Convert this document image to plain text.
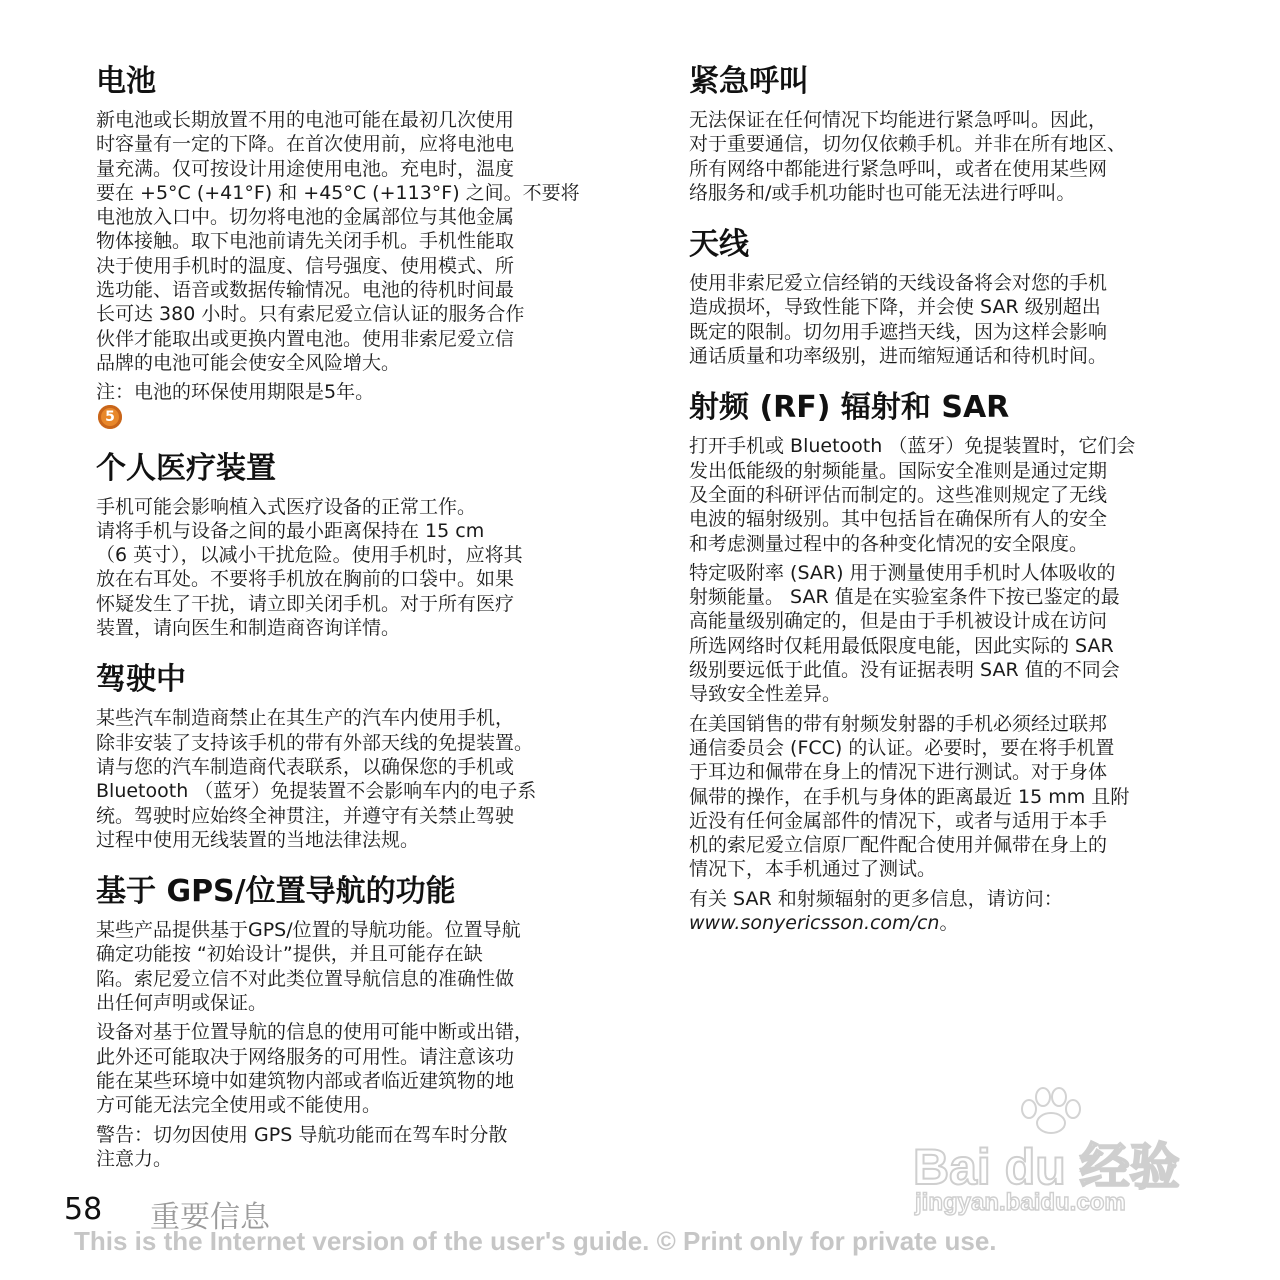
电池
新电池或长期放置不用的电池可能在最初几次使用
时容量有一定的下降。在首次使用前，应将电池电
量充满。仅可按设计用途使用电池。充电时，温度
要在 +5°C (+41°F) 和 +45°C (+113°F) 之间。不要将
电池放入口中。切勿将电池的金属部位与其他金属
物体接触。取下电池前请先关闭手机。手机性能取
决于使用手机时的温度、信号强度、使用模式、所
选功能、语音或数据传输情况。电池的待机时间最
长可达 380 小时。只有索尼爱立信认证的服务合作
伙伴才能取出或更换内置电池。使用非索尼爱立信
品牌的电池可能会使安全风险增大。
注：电池的环保使用期限是5年。
5
个人医疗装置
手机可能会影响植入式医疗设备的正常工作。
请将手机与设备之间的最小距离保持在 15 cm
（6 英寸），以减小干扰危险。使用手机时，应将其
放在右耳处。不要将手机放在胸前的口袋中。如果
怀疑发生了干扰，请立即关闭手机。对于所有医疗
装置，请向医生和制造商咨询详情。
驾驶中
某些汽车制造商禁止在其生产的汽车内使用手机，
除非安装了支持该手机的带有外部天线的免提装置。
请与您的汽车制造商代表联系，以确保您的手机或
Bluetooth （蓝牙）免提装置不会影响车内的电子系
统。驾驶时应始终全神贯注，并遵守有关禁止驾驶
过程中使用无线装置的当地法律法规。
基于 GPS/位置导航的功能
某些产品提供基于GPS/位置的导航功能。位置导航
确定功能按 “初始设计”提供，并且可能存在缺
陷。索尼爱立信不对此类位置导航信息的准确性做
出任何声明或保证。
设备对基于位置导航的信息的使用可能中断或出错，
此外还可能取决于网络服务的可用性。请注意该功
能在某些环境中如建筑物内部或者临近建筑物的地
方可能无法完全使用或不能使用。
警告：切勿因使用 GPS 导航功能而在驾车时分散
注意力。
紧急呼叫
无法保证在任何情况下均能进行紧急呼叫。因此，
对于重要通信，切勿仅依赖手机。并非在所有地区、
所有网络中都能进行紧急呼叫，或者在使用某些网
络服务和/或手机功能时也可能无法进行呼叫。
天线
使用非索尼爱立信经销的天线设备将会对您的手机
造成损坏，导致性能下降，并会使 SAR 级别超出
既定的限制。切勿用手遮挡天线，因为这样会影响
通话质量和功率级别，进而缩短通话和待机时间。
射频 (RF) 辐射和 SAR
打开手机或 Bluetooth （蓝牙）免提装置时，它们会
发出低能级的射频能量。国际安全准则是通过定期
及全面的科研评估而制定的。这些准则规定了无线
电波的辐射级别。其中包括旨在确保所有人的安全
和考虑测量过程中的各种变化情况的安全限度。
特定吸附率 (SAR) 用于测量使用手机时人体吸收的
射频能量。 SAR 值是在实验室条件下按已鉴定的最
高能量级别确定的，但是由于手机被设计成在访问
所选网络时仅耗用最低限度电能，因此实际的 SAR
级别要远低于此值。没有证据表明 SAR 值的不同会
导致安全性差异。
在美国销售的带有射频发射器的手机必须经过联邦
通信委员会 (FCC) 的认证。必要时，要在将手机置
于耳边和佩带在身上的情况下进行测试。对于身体
佩带的操作，在手机与身体的距离最近 15 mm 且附
近没有任何金属部件的情况下，或者与适用于本手
机的索尼爱立信原厂配件配合使用并佩带在身上的
情况下，本手机通过了测试。
有关 SAR 和射频辐射的更多信息，请访问：
www.sonyericsson.com/cn。
Bai du 经验
jingyan.baidu.com
58 重要信息
This is the Internet version of the user's guide. © Print only for private use.
